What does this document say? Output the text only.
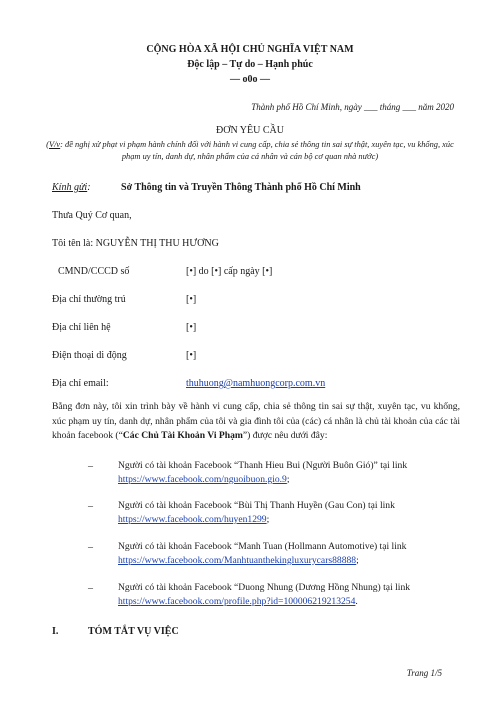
CỘNG HÒA XÃ HỘI CHỦ NGHĨA VIỆT NAM
Độc lập – Tự do – Hạnh phúc
— o0o —
Thành phố Hồ Chí Minh, ngày ___ tháng ___ năm 2020
ĐƠN YÊU CẦU
(V/v: đề nghị xử phạt vi phạm hành chính đối với hành vi cung cấp, chia sẻ thông tin sai sự thật, xuyên tạc, vu khống, xúc phạm uy tín, danh dự, nhân phẩm của cá nhân và cán bộ cơ quan nhà nước)
Kính gửi:	Sở Thông tin và Truyền Thông Thành phố Hồ Chí Minh
Thưa Quý Cơ quan,
Tôi tên là: NGUYỄN THỊ THU HƯƠNG
CMND/CCCD số	[•] do [•] cấp ngày [•]
Địa chỉ thường trú	[•]
Địa chỉ liên hệ	[•]
Điện thoại di động	[•]
Địa chỉ email:	thuhuong@namhuongcorp.com.vn
Bằng đơn này, tôi xin trình bày về hành vi cung cấp, chia sẻ thông tin sai sự thật, xuyên tạc, vu khống, xúc phạm uy tín, danh dự, nhân phẩm của tôi và gia đình tôi của (các) cá nhân là chủ tài khoản của các tài khoản facebook (“Các Chủ Tài Khoản Vi Phạm”) được nêu dưới đây:
–	Người có tài khoản Facebook “Thanh Hieu Bui (Người Buôn Gió)” tại link
https://www.facebook.com/nguoibuon.gio.9;
–	Người có tài khoản Facebook “Bùi Thị Thanh Huyền (Gau Con) tại link
https://www.facebook.com/huyen1299;
–	Người có tài khoản Facebook “Manh Tuan (Hollmann Automotive) tại link
https://www.facebook.com/Manhtuanthekingluxurycars88888;
–	Người có tài khoản Facebook “Duong Nhung (Dương Hồng Nhung) tại link
https://www.facebook.com/profile.php?id=100006219213254.
I.	TÓM TẮT VỤ VIỆC
Trang 1/5
